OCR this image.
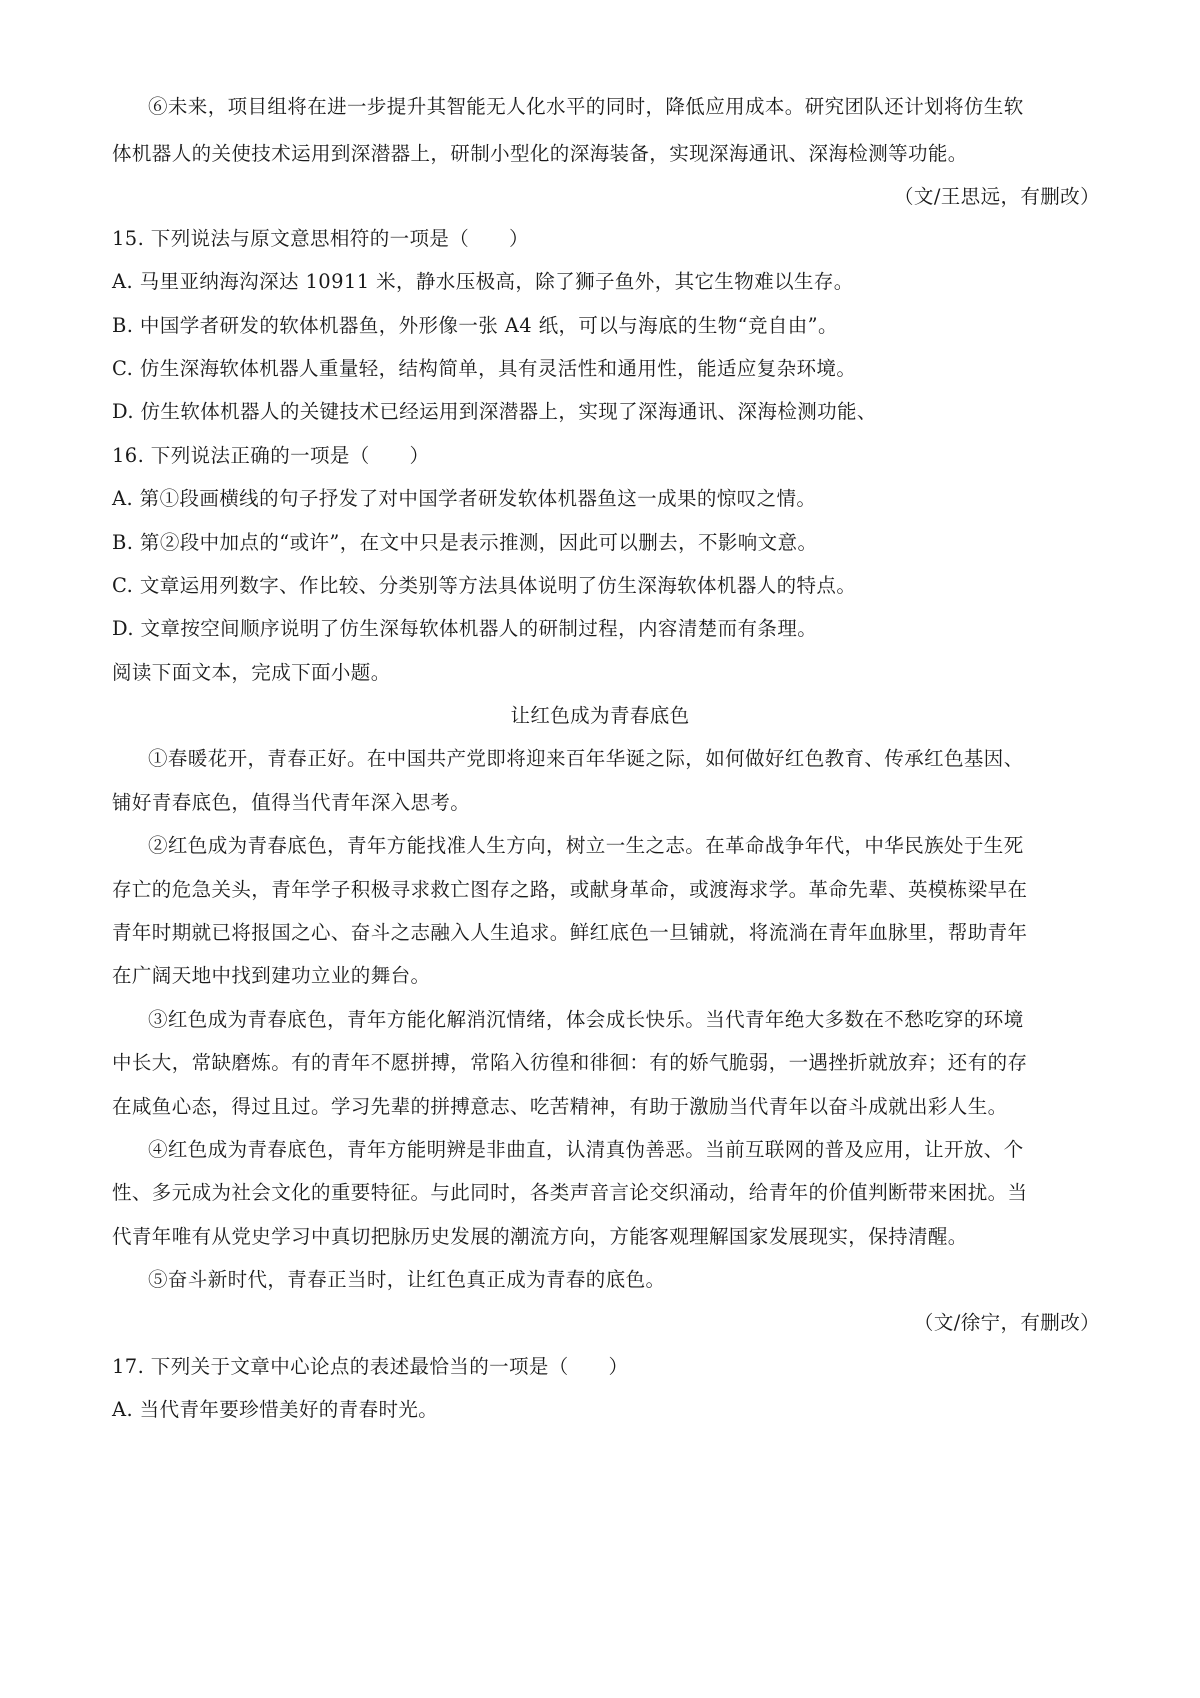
⑥未来，项目组将在进一步提升其智能无人化水平的同时，降低应用成本。研究团队还计划将仿生软
体机器人的关使技术运用到深潜器上，研制小型化的深海装备，实现深海通讯、深海检测等功能。
（文/王思远，有删改）
15. 下列说法与原文意思相符的一项是（　　）
A. 马里亚纳海沟深达 10911 米，静水压极高，除了狮子鱼外，其它生物难以生存。
B. 中国学者研发的软体机器鱼，外形像一张 A4 纸，可以与海底的生物“竞自由”。
C. 仿生深海软体机器人重量轻，结构简单，具有灵活性和通用性，能适应复杂环境。
D. 仿生软体机器人的关键技术已经运用到深潜器上，实现了深海通讯、深海检测功能、
16. 下列说法正确的一项是（　　）
A. 第①段画横线的句子抒发了对中国学者研发软体机器鱼这一成果的惊叹之情。
B. 第②段中加点的“或许”，在文中只是表示推测，因此可以删去，不影响文意。
C. 文章运用列数字、作比较、分类别等方法具体说明了仿生深海软体机器人的特点。
D. 文章按空间顺序说明了仿生深每软体机器人的研制过程，内容清楚而有条理。
阅读下面文本，完成下面小题。
让红色成为青春底色
①春暖花开，青春正好。在中国共产党即将迎来百年华诞之际，如何做好红色教育、传承红色基因、
铺好青春底色，值得当代青年深入思考。
②红色成为青春底色，青年方能找准人生方向，树立一生之志。在革命战争年代，中华民族处于生死
存亡的危急关头，青年学子积极寻求救亡图存之路，或献身革命，或渡海求学。革命先辈、英模栋梁早在
青年时期就已将报国之心、奋斗之志融入人生追求。鲜红底色一旦铺就，将流淌在青年血脉里，帮助青年
在广阔天地中找到建功立业的舞台。
③红色成为青春底色，青年方能化解消沉情绪，体会成长快乐。当代青年绝大多数在不愁吃穿的环境
中长大，常缺磨炼。有的青年不愿拼搏，常陷入彷徨和徘徊：有的娇气脆弱，一遇挫折就放弃；还有的存
在咸鱼心态，得过且过。学习先辈的拼搏意志、吃苦精神，有助于激励当代青年以奋斗成就出彩人生。
④红色成为青春底色，青年方能明辨是非曲直，认清真伪善恶。当前互联网的普及应用，让开放、个
性、多元成为社会文化的重要特征。与此同时，各类声音言论交织涌动，给青年的价值判断带来困扰。当
代青年唯有从党史学习中真切把脉历史发展的潮流方向，方能客观理解国家发展现实，保持清醒。
⑤奋斗新时代，青春正当时，让红色真正成为青春的底色。
（文/徐宁，有删改）
17. 下列关于文章中心论点的表述最恰当的一项是（　　）
A. 当代青年要珍惜美好的青春时光。
